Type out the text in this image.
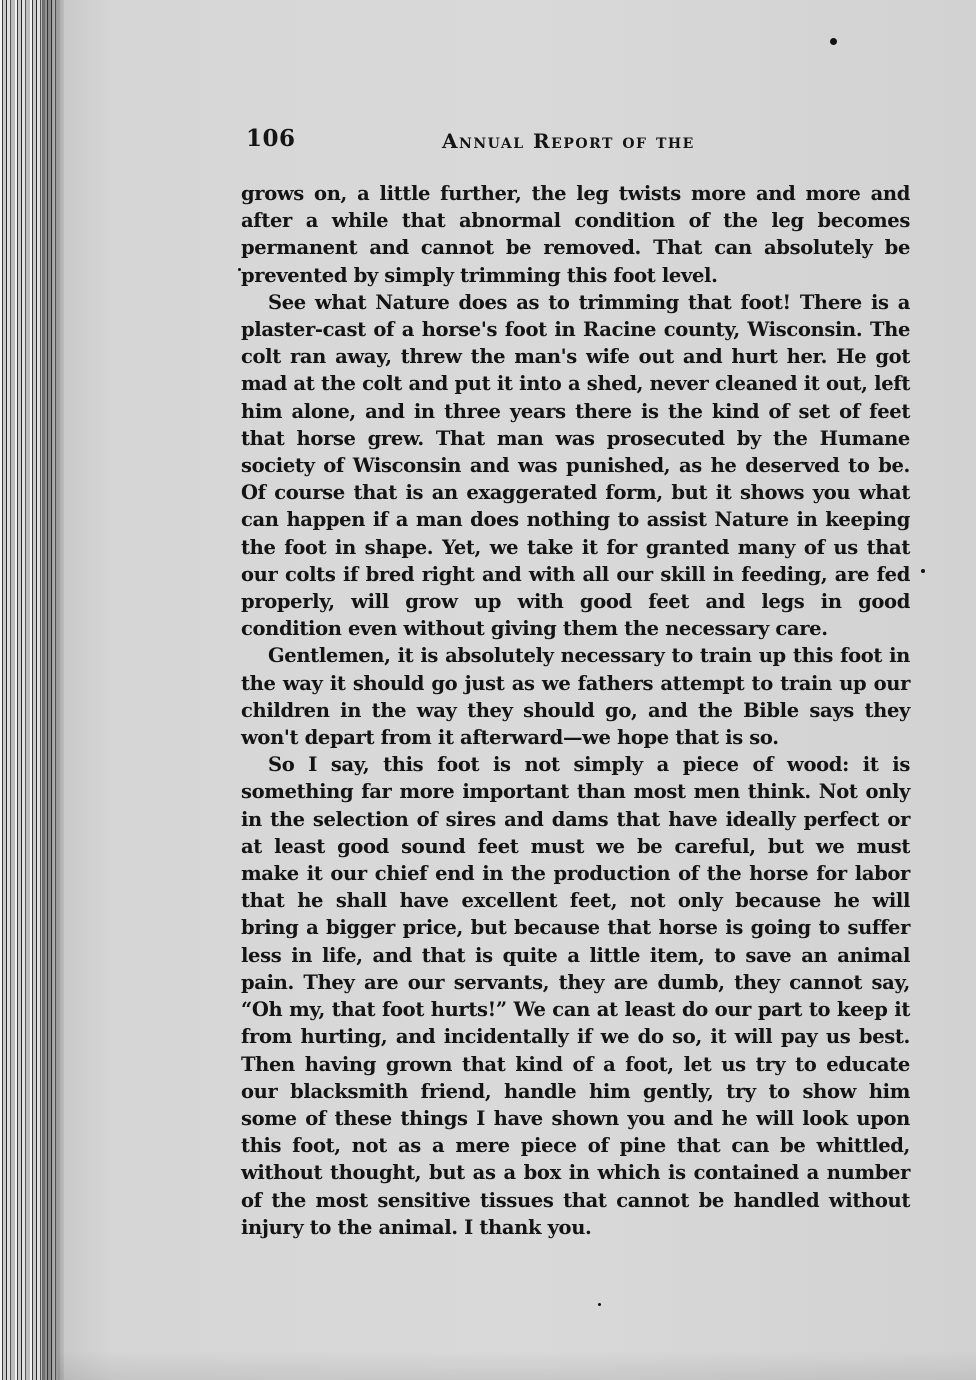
106	Annual Report of the

grows on, a little further, the leg twists more and more and after a while that abnormal condition of the leg becomes permanent and cannot be removed. That can absolutely be prevented by simply trimming this foot level.

See what Nature does as to trimming that foot! There is a plaster-cast of a horse's foot in Racine county, Wisconsin. The colt ran away, threw the man's wife out and hurt her. He got mad at the colt and put it into a shed, never cleaned it out, left him alone, and in three years there is the kind of set of feet that horse grew. That man was prosecuted by the Humane society of Wisconsin and was punished, as he deserved to be. Of course that is an exaggerated form, but it shows you what can happen if a man does nothing to assist Nature in keeping the foot in shape. Yet, we take it for granted many of us that our colts if bred right and with all our skill in feeding, are fed properly, will grow up with good feet and legs in good condition even without giving them the necessary care.

Gentlemen, it is absolutely necessary to train up this foot in the way it should go just as we fathers attempt to train up our children in the way they should go, and the Bible says they won't depart from it afterward—we hope that is so.

So I say, this foot is not simply a piece of wood: it is something far more important than most men think. Not only in the selection of sires and dams that have ideally perfect or at least good sound feet must we be careful, but we must make it our chief end in the production of the horse for labor that he shall have excellent feet, not only because he will bring a bigger price, but because that horse is going to suffer less in life, and that is quite a little item, to save an animal pain. They are our servants, they are dumb, they cannot say, “Oh my, that foot hurts!” We can at least do our part to keep it from hurting, and incidentally if we do so, it will pay us best. Then having grown that kind of a foot, let us try to educate our blacksmith friend, handle him gently, try to show him some of these things I have shown you and he will look upon this foot, not as a mere piece of pine that can be whittled, without thought, but as a box in which is contained a number of the most sensitive tissues that cannot be handled without injury to the animal. I thank you.
